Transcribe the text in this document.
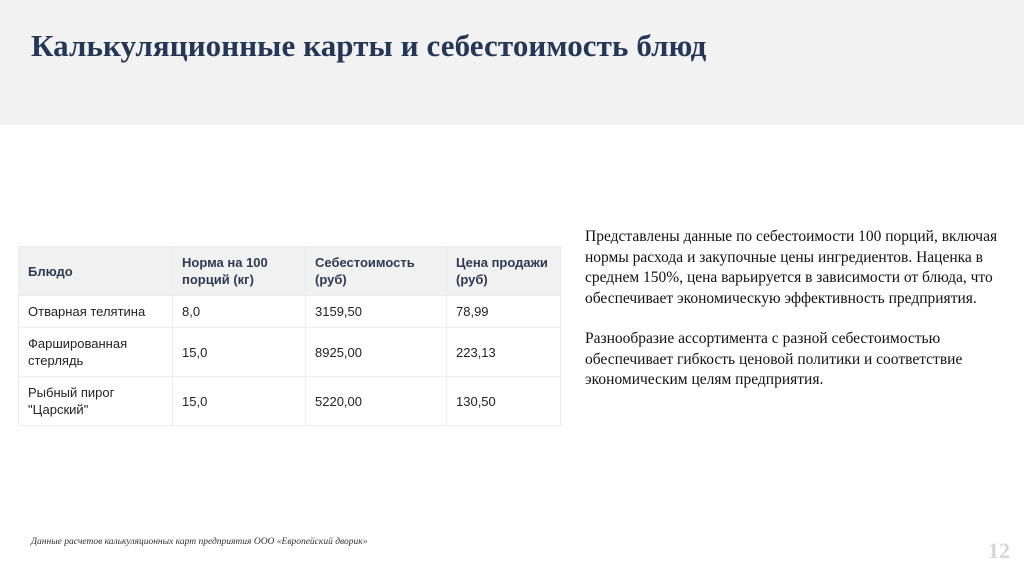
Калькуляционные карты и себестоимость блюд
Блюдо	Норма на 100 порций (кг)	Себестоимость (руб)	Цена продажи (руб)
Отварная телятина	8,0	3159,50	78,99
Фаршированная стерлядь	15,0	8925,00	223,13
Рыбный пирог "Царский"	15,0	5220,00	130,50

Представлены данные по себестоимости 100 порций, включая нормы расхода и закупочные цены ингредиентов. Наценка в среднем 150%, цена варьируется в зависимости от блюда, что обеспечивает экономическую эффективность предприятия.

Разнообразие ассортимента с разной себестоимостью обеспечивает гибкость ценовой политики и соответствие экономическим целям предприятия.

Данные расчетов калькуляционных карт предприятия ООО «Европейский дворик»	12
